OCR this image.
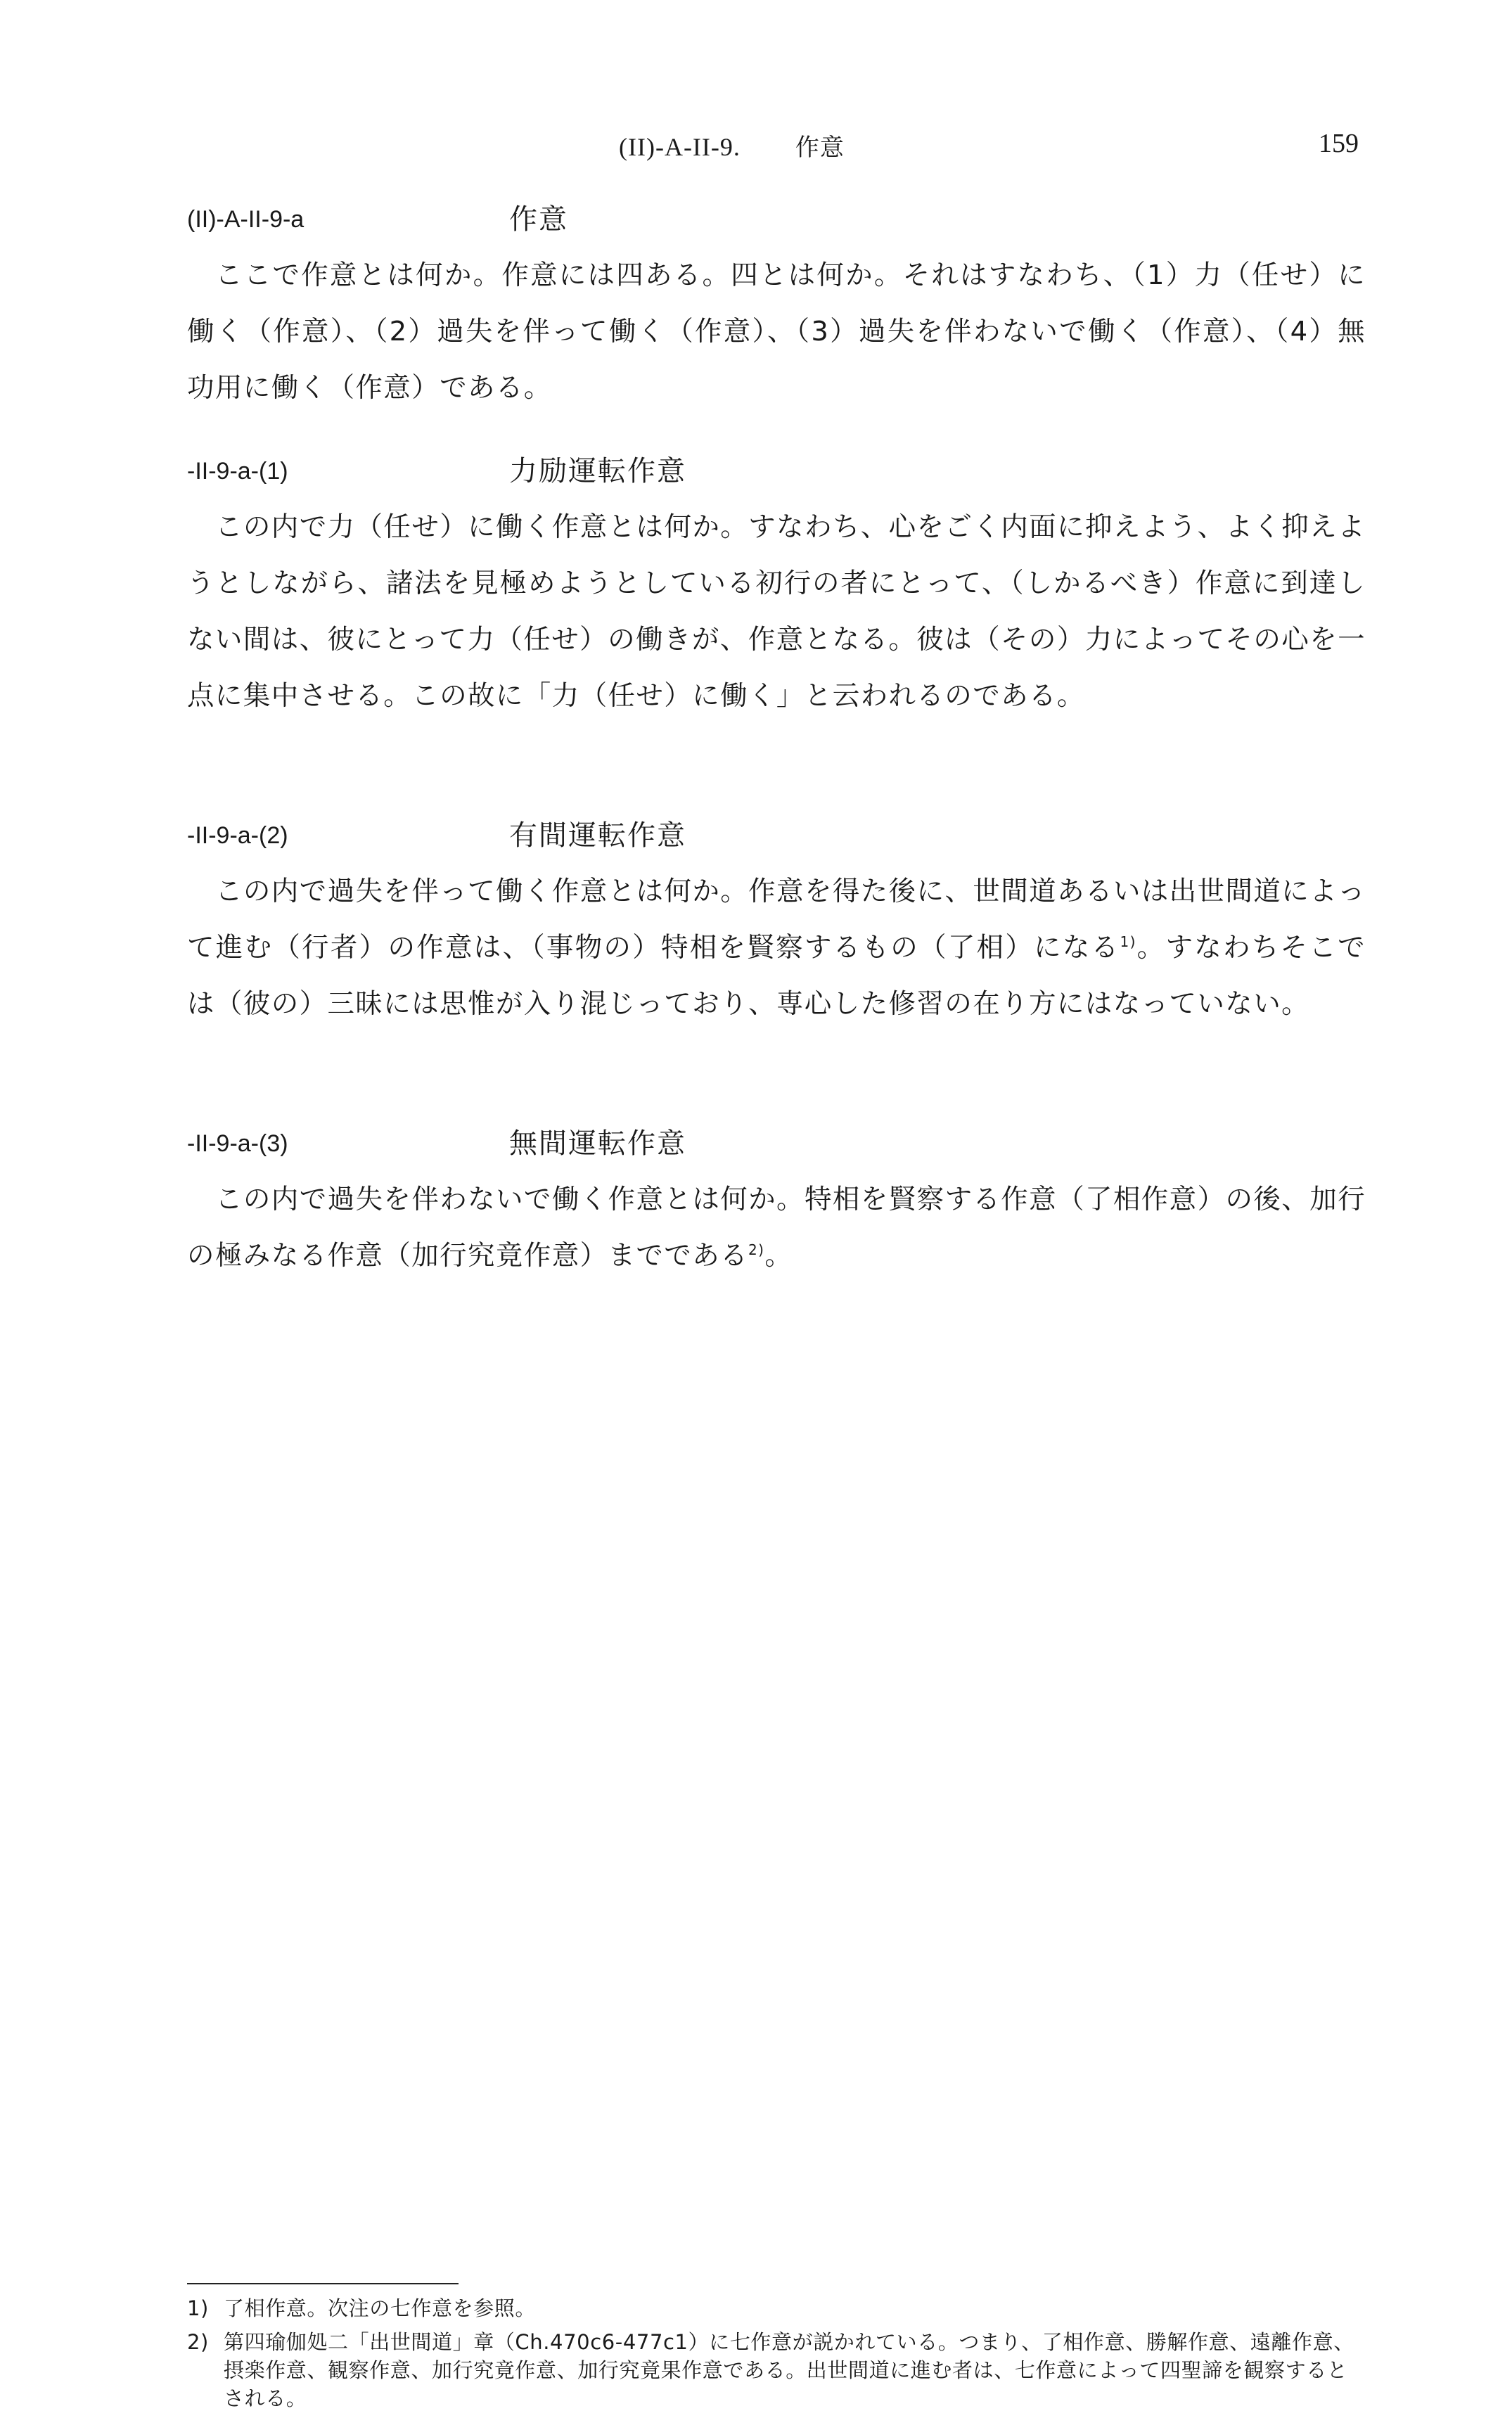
(II)-A-II-9. 作意	159
(II)-A-II-9-a	作意

ここで作意とは何か。作意には四ある。四とは何か。それはすなわち、（1）力（任せ）に働く（作意）、（2）過失を伴って働く（作意）、（3）過失を伴わないで働く（作意）、（4）無功用に働く（作意）である。

-II-9-a-(1)	力励運転作意

この内で力（任せ）に働く作意とは何か。すなわち、心をごく内面に抑えよう、よく抑えようとしながら、諸法を見極めようとしている初行の者にとって、（しかるべき）作意に到達しない間は、彼にとって力（任せ）の働きが、作意となる。彼は（その）力によってその心を一点に集中させる。この故に「力（任せ）に働く」と云われるのである。

-II-9-a-(2)	有間運転作意

この内で過失を伴って働く作意とは何か。作意を得た後に、世間道あるいは出世間道によって進む（行者）の作意は、（事物の）特相を賢察するもの（了相）になる$^{1)}$。すなわちそこでは（彼の）三昧には思惟が入り混じっており、専心した修習の在り方にはなっていない。

-II-9-a-(3)	無間運転作意

この内で過失を伴わないで働く作意とは何か。特相を賢察する作意（了相作意）の後、加行の極みなる作意（加行究竟作意）までである$^{2)}$。

1) 了相作意。次注の七作意を参照。
2) 第四瑜伽処二「出世間道」章（Ch.470c6-477c1）に七作意が説かれている。つまり、了相作意、勝解作意、遠離作意、摂楽作意、観察作意、加行究竟作意、加行究竟果作意である。出世間道に進む者は、七作意によって四聖諦を観察するとされる。
